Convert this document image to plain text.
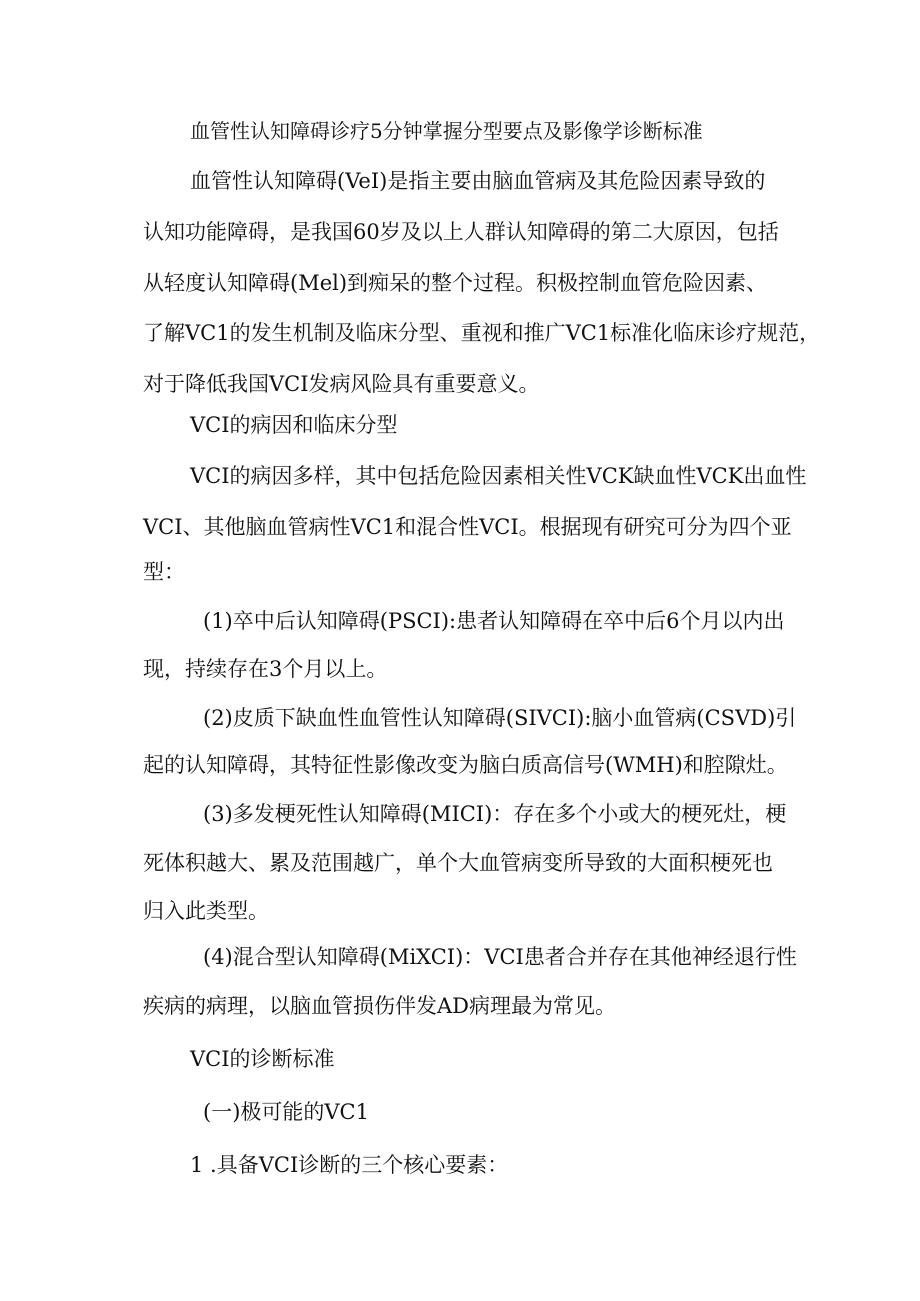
血管性认知障碍诊疗5分钟掌握分型要点及影像学诊断标准

血管性认知障碍(VeI)是指主要由脑血管病及其危险因素导致的

认知功能障碍，是我国60岁及以上人群认知障碍的第二大原因，包括

从轻度认知障碍(Mel)到痴呆的整个过程。积极控制血管危险因素、

了解VC1的发生机制及临床分型、重视和推广VC1标准化临床诊疗规范，

对于降低我国VCI发病风险具有重要意义。

VCI的病因和临床分型

VCI的病因多样，其中包括危险因素相关性VCK缺血性VCK出血性

VCI、其他脑血管病性VC1和混合性VCI。根据现有研究可分为四个亚

型：

(1)卒中后认知障碍(PSCI):患者认知障碍在卒中后6个月以内出

现，持续存在3个月以上。

(2)皮质下缺血性血管性认知障碍(SIVCI):脑小血管病(CSVD)引

起的认知障碍，其特征性影像改变为脑白质高信号(WMH)和腔隙灶。

(3)多发梗死性认知障碍(MICI)：存在多个小或大的梗死灶，梗

死体积越大、累及范围越广，单个大血管病变所导致的大面积梗死也

归入此类型。

(4)混合型认知障碍(MiXCI)：VCI患者合并存在其他神经退行性

疾病的病理，以脑血管损伤伴发AD病理最为常见。

VCI的诊断标准

(一)极可能的VC1

1 .具备VCI诊断的三个核心要素：
